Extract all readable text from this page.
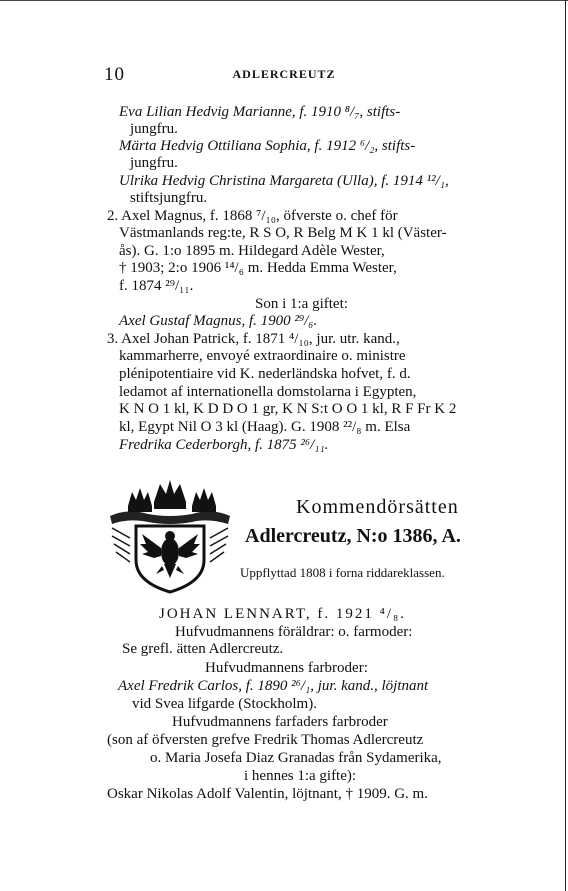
10	ADLERCREUTZ
Eva Lilian Hedvig Marianne, f. 1910 ⁸/₇, stifts-
jungfru.
Märta Hedvig Ottiliana Sophia, f. 1912 ⁶/₂, stifts-
jungfru.
Ulrika Hedvig Christina Margareta (Ulla), f. 1914 ¹²/₁,
stiftsjungfru.
2. Axel Magnus, f. 1868 ⁷/₁₀, öfverste o. chef för
Västmanlands reg:te, R S O, R Belg M K 1 kl (Väster-
ås). G. 1:o 1895 m. Hildegard Adèle Wester,
† 1903; 2:o 1906 ¹⁴/₆ m. Hedda Emma Wester,
f. 1874 ²⁹/₁₁.
Son i 1:a giftet:
Axel Gustaf Magnus, f. 1900 ²⁹/₆.
3. Axel Johan Patrick, f. 1871 ⁴/₁₀, jur. utr. kand.,
kammarherre, envoyé extraordinaire o. ministre
plénipotentiaire vid K. nederländska hofvet, f. d.
ledamot af internationella domstolarna i Egypten,
K N O 1 kl, K D D O 1 gr, K N S:t O O 1 kl, R F Fr K 2
kl, Egypt Nil O 3 kl (Haag). G. 1908 ²²/₈ m. Elsa
Fredrika Cederborgh, f. 1875 ²⁶/₁₁.
Kommendörsätten
Adlercreutz, N:o 1386, A.
Uppflyttad 1808 i forna riddareklassen.
JOHAN LENNART, f. 1921 ⁴/₈.
Hufvudmannens föräldrar: o. farmoder:
Se grefl. ätten Adlercreutz.
Hufvudmannens farbroder:
Axel Fredrik Carlos, f. 1890 ²⁶/₁, jur. kand., löjtnant
vid Svea lifgarde (Stockholm).
Hufvudmannens farfaders farbroder
(son af öfversten grefve Fredrik Thomas Adlercreutz
o. Maria Josefa Diaz Granadas från Sydamerika,
i hennes 1:a gifte):
Oskar Nikolas Adolf Valentin, löjtnant, † 1909. G. m.
